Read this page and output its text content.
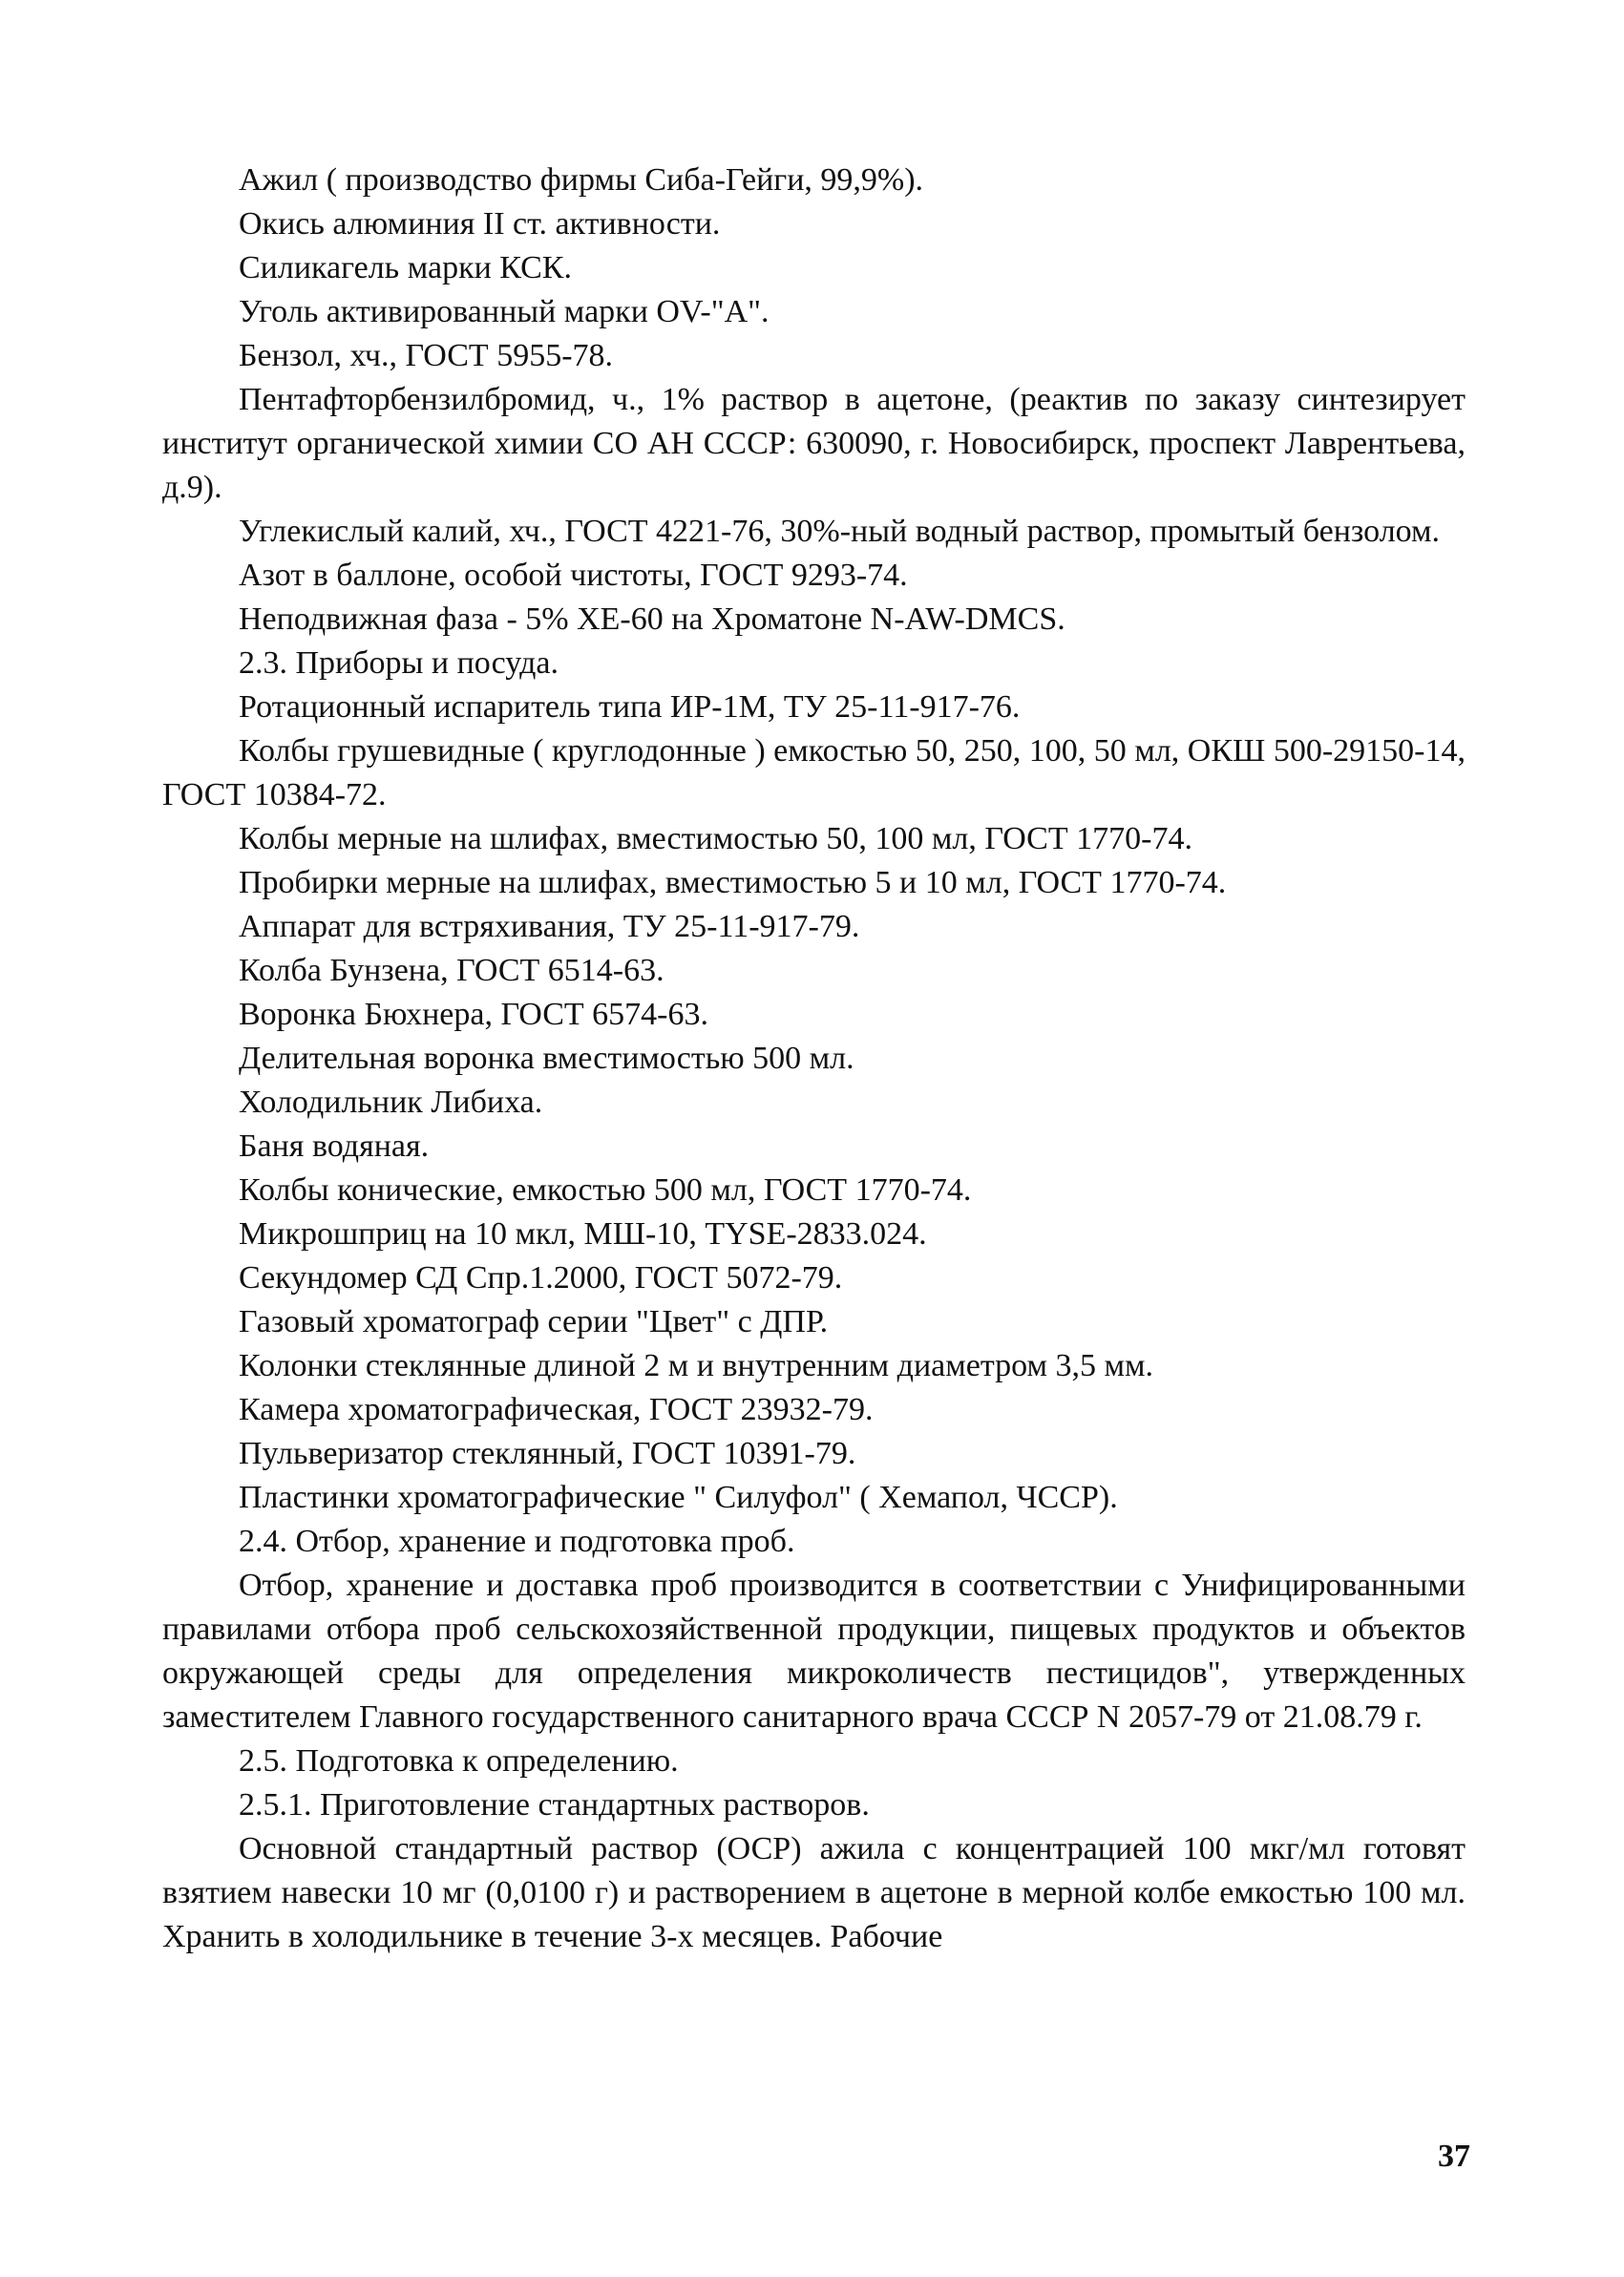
Ажил ( производство фирмы Сиба-Гейги, 99,9%).

Окись алюминия II ст. активности.

Силикагель марки КСК.

Уголь активированный марки OV-"A".

Бензол, хч., ГОСТ 5955-78.

Пентафторбензилбромид, ч., 1% раствор в ацетоне, (реактив по заказу синтезирует институт органической химии СО АН СССР: 630090, г. Новосибирск, проспект Лаврентьева, д.9).

Углекислый калий, хч., ГОСТ 4221-76, 30%-ный водный раствор, промытый бензолом.

Азот в баллоне, особой чистоты, ГОСТ 9293-74.

Неподвижная фаза - 5% XE-60 на Хроматоне N-AW-DMCS.

2.3. Приборы и посуда.

Ротационный испаритель типа ИР-1М, ТУ 25-11-917-76.

Колбы грушевидные ( круглодонные ) емкостью 50, 250, 100, 50 мл, ОКШ 500-29150-14, ГОСТ 10384-72.

Колбы мерные на шлифах, вместимостью 50, 100 мл, ГОСТ 1770-74.

Пробирки мерные на шлифах, вместимостью 5 и 10 мл, ГОСТ 1770-74.

Аппарат для встряхивания, ТУ 25-11-917-79.

Колба Бунзена, ГОСТ 6514-63.

Воронка Бюхнера, ГОСТ 6574-63.

Делительная воронка вместимостью 500 мл.

Холодильник Либиха.

Баня водяная.

Колбы конические, емкостью 500 мл, ГОСТ 1770-74.

Микрошприц на 10 мкл, МШ-10, TYSE-2833.024.

Секундомер СД Спр.1.2000, ГОСТ 5072-79.

Газовый хроматограф серии "Цвет" с ДПР.

Колонки стеклянные длиной 2 м и внутренним диаметром 3,5 мм.

Камера хроматографическая, ГОСТ 23932-79.

Пульверизатор стеклянный, ГОСТ 10391-79.

Пластинки хроматографические " Силуфол" ( Хемапол, ЧССР).

2.4. Отбор, хранение и подготовка проб.

Отбор, хранение и доставка проб производится в соответствии с Унифицированными правилами отбора проб сельскохозяйственной продукции, пищевых продуктов и объектов окружающей среды для определения микроколичеств пестицидов", утвержденных заместителем Главного государственного санитарного врача СССР N 2057-79 от 21.08.79 г.

2.5. Подготовка к определению.

2.5.1. Приготовление стандартных растворов.

Основной стандартный раствор (ОСР) ажила с концентрацией 100 мкг/мл готовят взятием навески 10 мг (0,0100 г) и растворением в ацетоне в мерной колбе емкостью 100 мл. Хранить в холодильнике в течение 3-х месяцев. Рабочие

37
